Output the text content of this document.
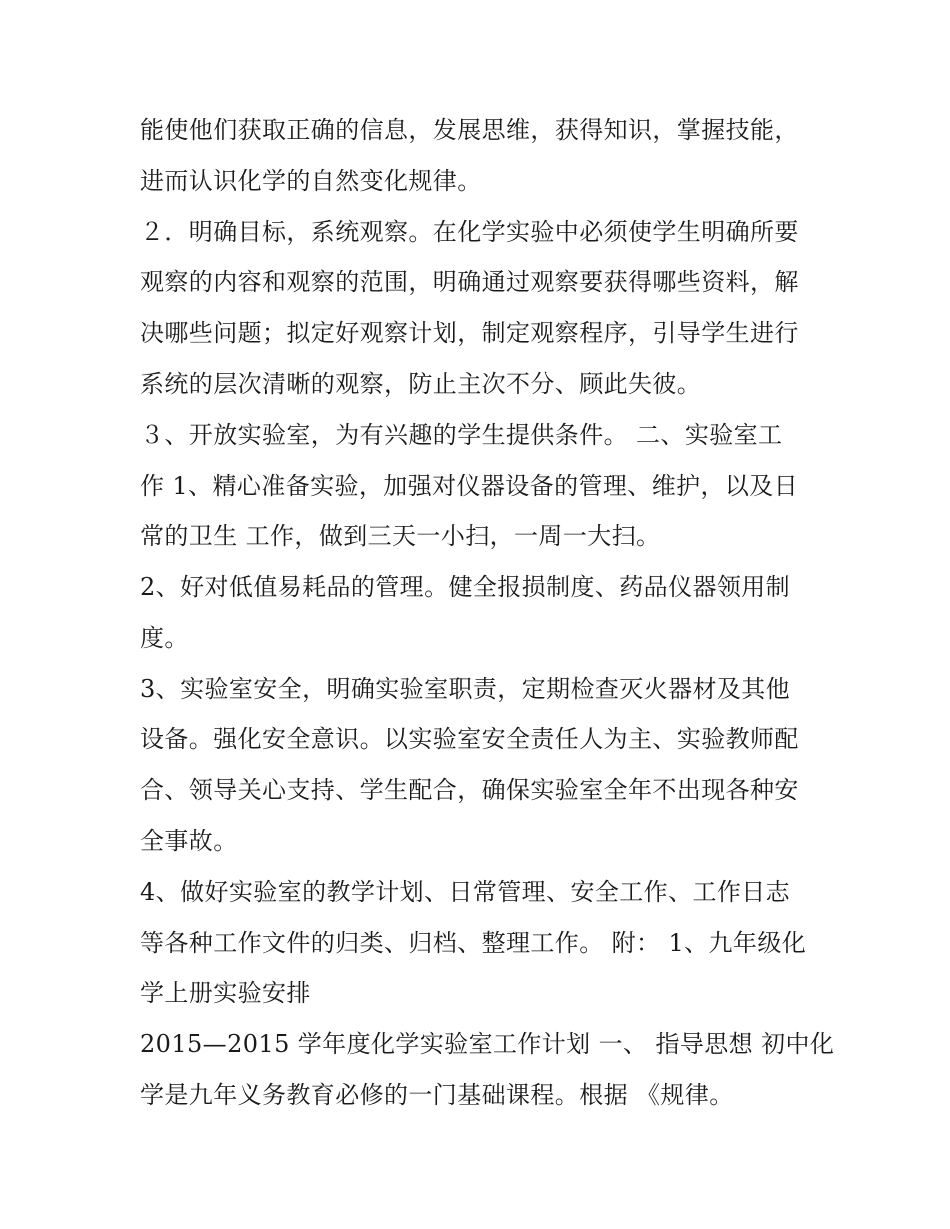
能使他们获取正确的信息，发展思维，获得知识，掌握技能，
进而认识化学的自然变化规律。
２．明确目标，系统观察。在化学实验中必须使学生明确所要
观察的内容和观察的范围，明确通过观察要获得哪些资料，解
决哪些问题；拟定好观察计划，制定观察程序，引导学生进行
系统的层次清晰的观察，防止主次不分、顾此失彼。
３、开放实验室，为有兴趣的学生提供条件。 二、实验室工
作 1、精心准备实验，加强对仪器设备的管理、维护，以及日
常的卫生 工作，做到三天一小扫，一周一大扫。
2、好对低值易耗品的管理。健全报损制度、药品仪器领用制
度。
3、实验室安全，明确实验室职责，定期检查灭火器材及其他
设备。强化安全意识。以实验室安全责任人为主、实验教师配
合、领导关心支持、学生配合，确保实验室全年不出现各种安
全事故。
4、做好实验室的教学计划、日常管理、安全工作、工作日志
等各种工作文件的归类、归档、整理工作。 附： 1、九年级化
学上册实验安排
2015—2015 学年度化学实验室工作计划 一、 指导思想 初中化
学是九年义务教育必修的一门基础课程。根据 《规律。
